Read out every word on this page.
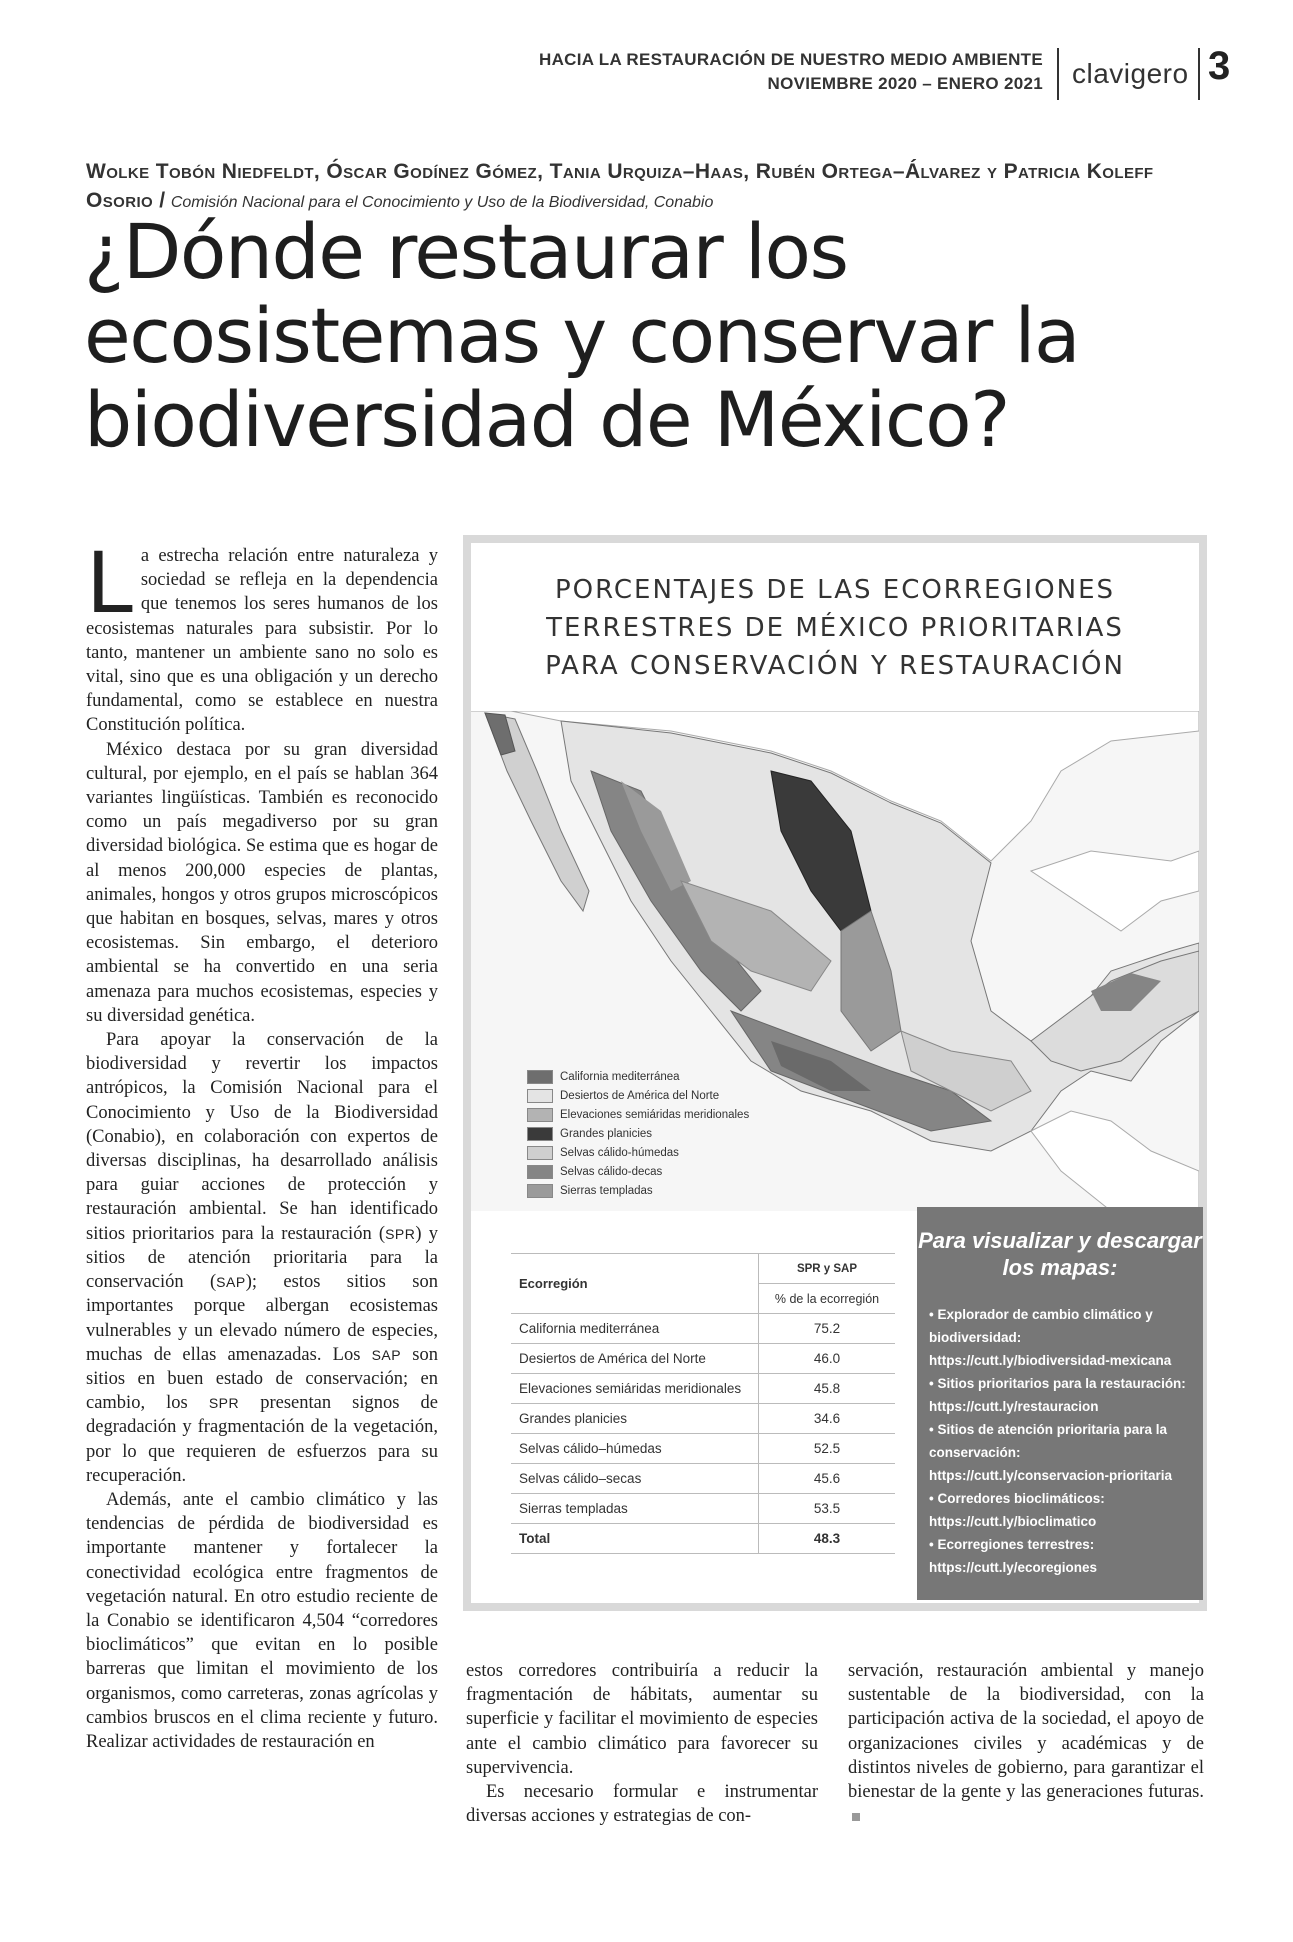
HACIA LA RESTAURACIÓN DE NUESTRO MEDIO AMBIENTE
NOVIEMBRE 2020 – ENERO 2021 clavigero 3
Wolke Tobón Niedfeldt, Óscar Godínez Gómez, Tania Urquiza–Haas, Rubén Ortega–Álvarez y Patricia Koleff Osorio / Comisión Nacional para el Conocimiento y Uso de la Biodiversidad, Conabio
¿Dónde restaurar los ecosistemas y conservar la biodiversidad de México?

La estrecha relación entre naturaleza y sociedad se refleja en la dependencia que tenemos los seres humanos de los ecosistemas naturales para subsistir. Por lo tanto, mantener un ambiente sano no solo es vital, sino que es una obligación y un derecho fundamental, como se establece en nuestra Constitución política.

México destaca por su gran diversidad cultural, por ejemplo, en el país se hablan 364 variantes lingüísticas. También es reconocido como un país megadiverso por su gran diversidad biológica. Se estima que es hogar de al menos 200,000 especies de plantas, animales, hongos y otros grupos microscópicos que habitan en bosques, selvas, mares y otros ecosistemas. Sin embargo, el deterioro ambiental se ha convertido en una seria amenaza para muchos ecosistemas, especies y su diversidad genética.

Para apoyar la conservación de la biodiversidad y revertir los impactos antrópicos, la Comisión Nacional para el Conocimiento y Uso de la Biodiversidad (Conabio), en colaboración con expertos de diversas disciplinas, ha desarrollado análisis para guiar acciones de protección y restauración ambiental. Se han identificado sitios prioritarios para la restauración (SPR) y sitios de atención prioritaria para la conservación (SAP); estos sitios son importantes porque albergan ecosistemas vulnerables y un elevado número de especies, muchas de ellas amenazadas. Los SAP son sitios en buen estado de conservación; en cambio, los SPR presentan signos de degradación y fragmentación de la vegetación, por lo que requieren de esfuerzos para su recuperación.

Además, ante el cambio climático y las tendencias de pérdida de biodiversidad es importante mantener y fortalecer la conectividad ecológica entre fragmentos de vegetación natural. En otro estudio reciente de la Conabio se identificaron 4,504 “corredores bioclimáticos” que evitan en lo posible barreras que limitan el movimiento de los organismos, como carreteras, zonas agrícolas y cambios bruscos en el clima reciente y futuro. Realizar actividades de restauración en

estos corredores contribuiría a reducir la fragmentación de hábitats, aumentar su superficie y facilitar el movimiento de especies ante el cambio climático para favorecer su supervivencia.

Es necesario formular e instrumentar diversas acciones y estrategias de con-

servación, restauración ambiental y manejo sustentable de la biodiversidad, con la participación activa de la sociedad, el apoyo de organizaciones civiles y académicas y de distintos niveles de gobierno, para garantizar el bienestar de la gente y las generaciones futuras.

PORCENTAJES DE LAS ECORREGIONES TERRESTRES DE MÉXICO PRIORITARIAS PARA CONSERVACIÓN Y RESTAURACIÓN
California mediterránea
Desiertos de América del Norte
Elevaciones semiáridas meridionales
Grandes planicies
Selvas cálido-húmedas
Selvas cálido-decas
Sierras templadas
Ecorregión	SPR y SAP
	% de la ecorregión
California mediterránea	75.2
Desiertos de América del Norte	46.0
Elevaciones semiáridas meridionales	45.8
Grandes planicies	34.6
Selvas cálido–húmedas	52.5
Selvas cálido–secas	45.6
Sierras templadas	53.5
Total	48.3
Para visualizar y descargar los mapas:
• Explorador de cambio climático y biodiversidad: https://cutt.ly/biodiversidad-mexicana
• Sitios prioritarios para la restauración: https://cutt.ly/restauracion
• Sitios de atención prioritaria para la conservación: https://cutt.ly/conservacion-prioritaria
• Corredores bioclimáticos: https://cutt.ly/bioclimatico
• Ecorregiones terrestres: https://cutt.ly/ecoregiones
